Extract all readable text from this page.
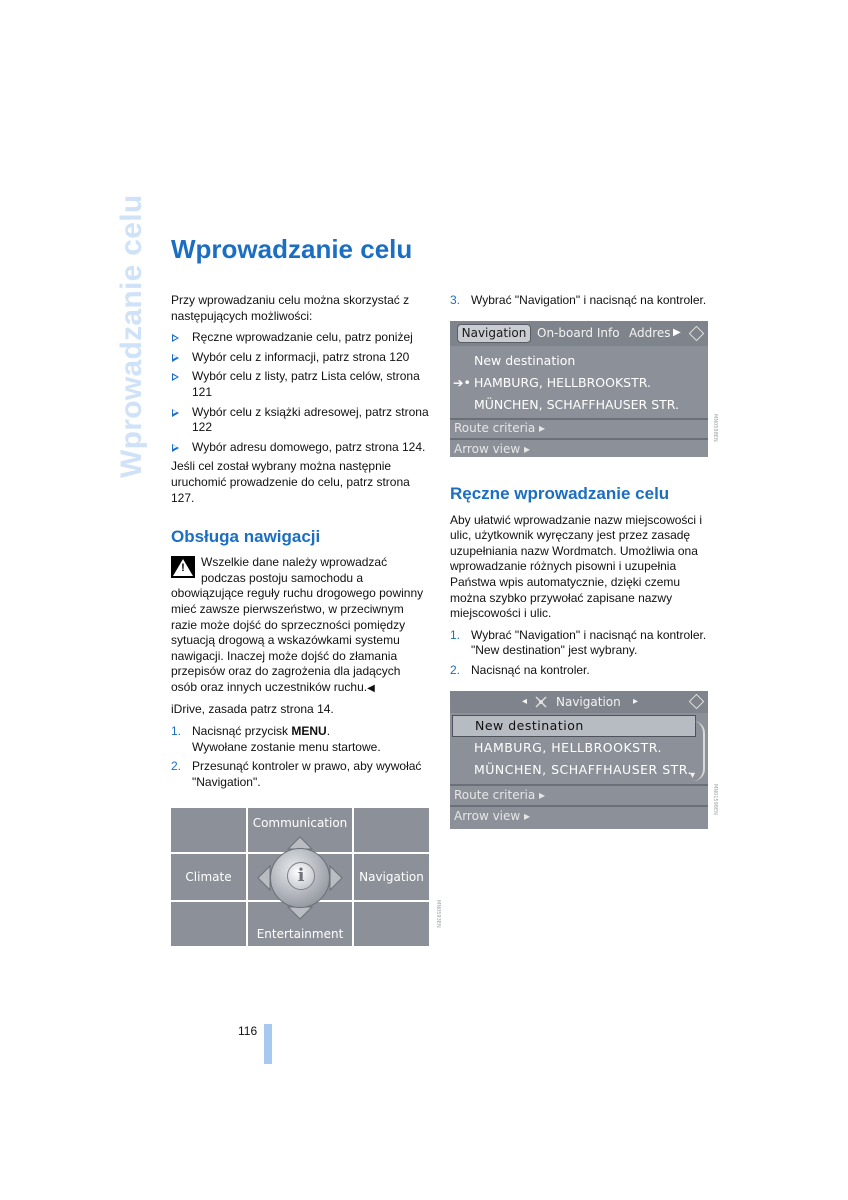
Wprowadzanie celu Wprowadzanie celu

Przy wprowadzaniu celu można skorzystać z następujących możliwości:

Ręczne wprowadzanie celu, patrz poniżej
Wybór celu z informacji, patrz strona 120
Wybór celu z listy, patrz Lista celów, strona 121
Wybór celu z książki adresowej, patrz strona 122
Wybór adresu domowego, patrz strona 124.

Jeśli cel został wybrany można następnie uruchomić prowadzenie do celu, patrz strona 127.

Obsługa nawigacji
!	Wszelkie dane należy wprowadzać podczas postoju samochodu a obowiązujące reguły ruchu drogowego powinny mieć zawsze pierwszeństwo, w przeciwnym razie może dojść do sprzeczności pomiędzy sytuacją drogową a wskazówkami systemu nawigacji. Inaczej może dojść do złamania przepisów oraz do zagrożenia dla jadących osób oraz innych uczestników ruchu.◀

iDrive, zasada patrz strona 14.

1. Nacisnąć przycisk MENU.
Wywołane zostanie menu startowe.
2. Przesunąć kontroler w prawo, aby wywołać "Navigation".
Communication
Climate	Navigation
Entertainment
i
MN0593EN
3. Wybrać "Navigation" i nacisnąć na kontroler.
Navigation On-board Info Addres ▶
New destination
➔• HAMBURG, HELLBROOKSTR.
MÜNCHEN, SCHAFFHAUSER STR.
Route criteria ▸
Arrow view ▸
Ręczne wprowadzanie celu

Aby ułatwić wprowadzanie nazw miejscowości i ulic, użytkownik wyręczany jest przez zasadę uzupełniania nazw Wordmatch. Umożliwia ona wprowadzanie różnych pisowni i uzupełnia Państwa wpis automatycznie, dzięki czemu można szybko przywołać zapisane nazwy miejscowości i ulic.

1. Wybrać "Navigation" i nacisnąć na kontroler.
"New destination" jest wybrany.
2. Nacisnąć na kontroler.
◂ Navigation ▸
New destination
HAMBURG, HELLBROOKSTR.
MÜNCHEN, SCHAFFHAUSER STR.
▾
Route criteria ▸
Arrow view ▸
MN0598EN
MN01598EN
116
